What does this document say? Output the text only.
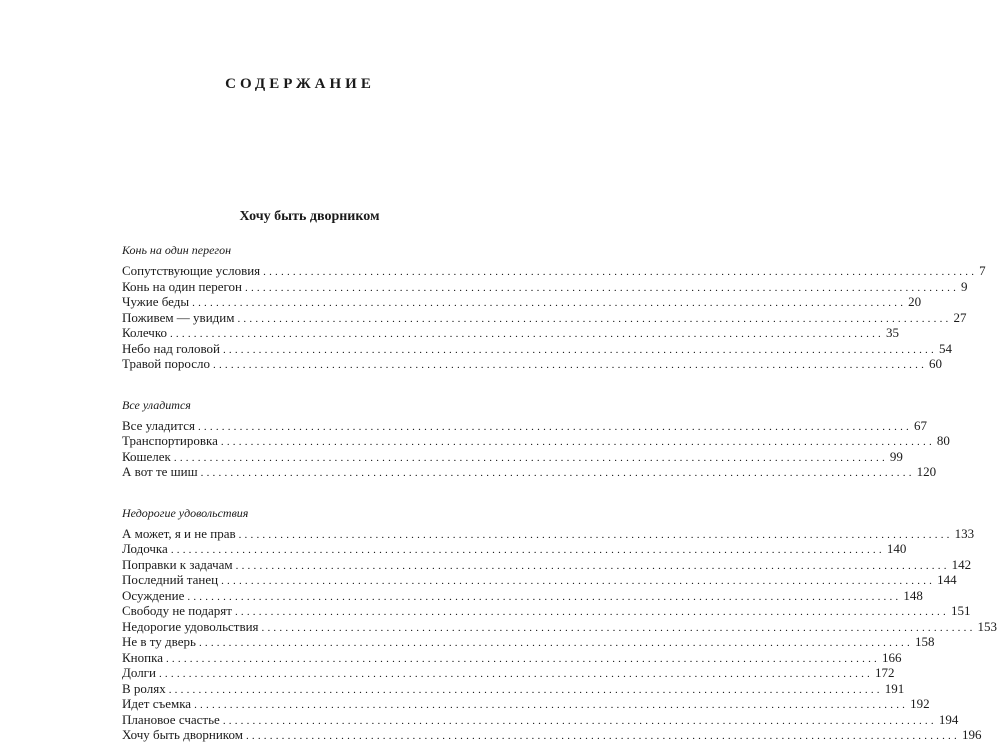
СОДЕРЖАНИЕ
Хочу быть дворником
Конь на один перегон
Сопутствующие условия ........................................................................................................................ 7
Конь на один перегон ........................................................................................................................ 9
Чужие беды ........................................................................................................................ 20
Поживем — увидим ........................................................................................................................ 27
Колечко ........................................................................................................................ 35
Небо над головой ........................................................................................................................ 54
Травой поросло ........................................................................................................................ 60
Все уладится
Все уладится ........................................................................................................................ 67
Транспортировка ........................................................................................................................ 80
Кошелек ........................................................................................................................ 99
А вот те шиш ........................................................................................................................ 120
Недорогие удовольствия
А может, я и не прав ........................................................................................................................ 133
Лодочка ........................................................................................................................ 140
Поправки к задачам ........................................................................................................................ 142
Последний танец ........................................................................................................................ 144
Осуждение ........................................................................................................................ 148
Свободу не подарят ........................................................................................................................ 151
Недорогие удовольствия ........................................................................................................................ 153
Не в ту дверь ........................................................................................................................ 158
Кнопка ........................................................................................................................ 166
Долги ........................................................................................................................ 172
В ролях ........................................................................................................................ 191
Идет съемка ........................................................................................................................ 192
Плановое счастье ........................................................................................................................ 194
Хочу быть дворником ........................................................................................................................ 196
